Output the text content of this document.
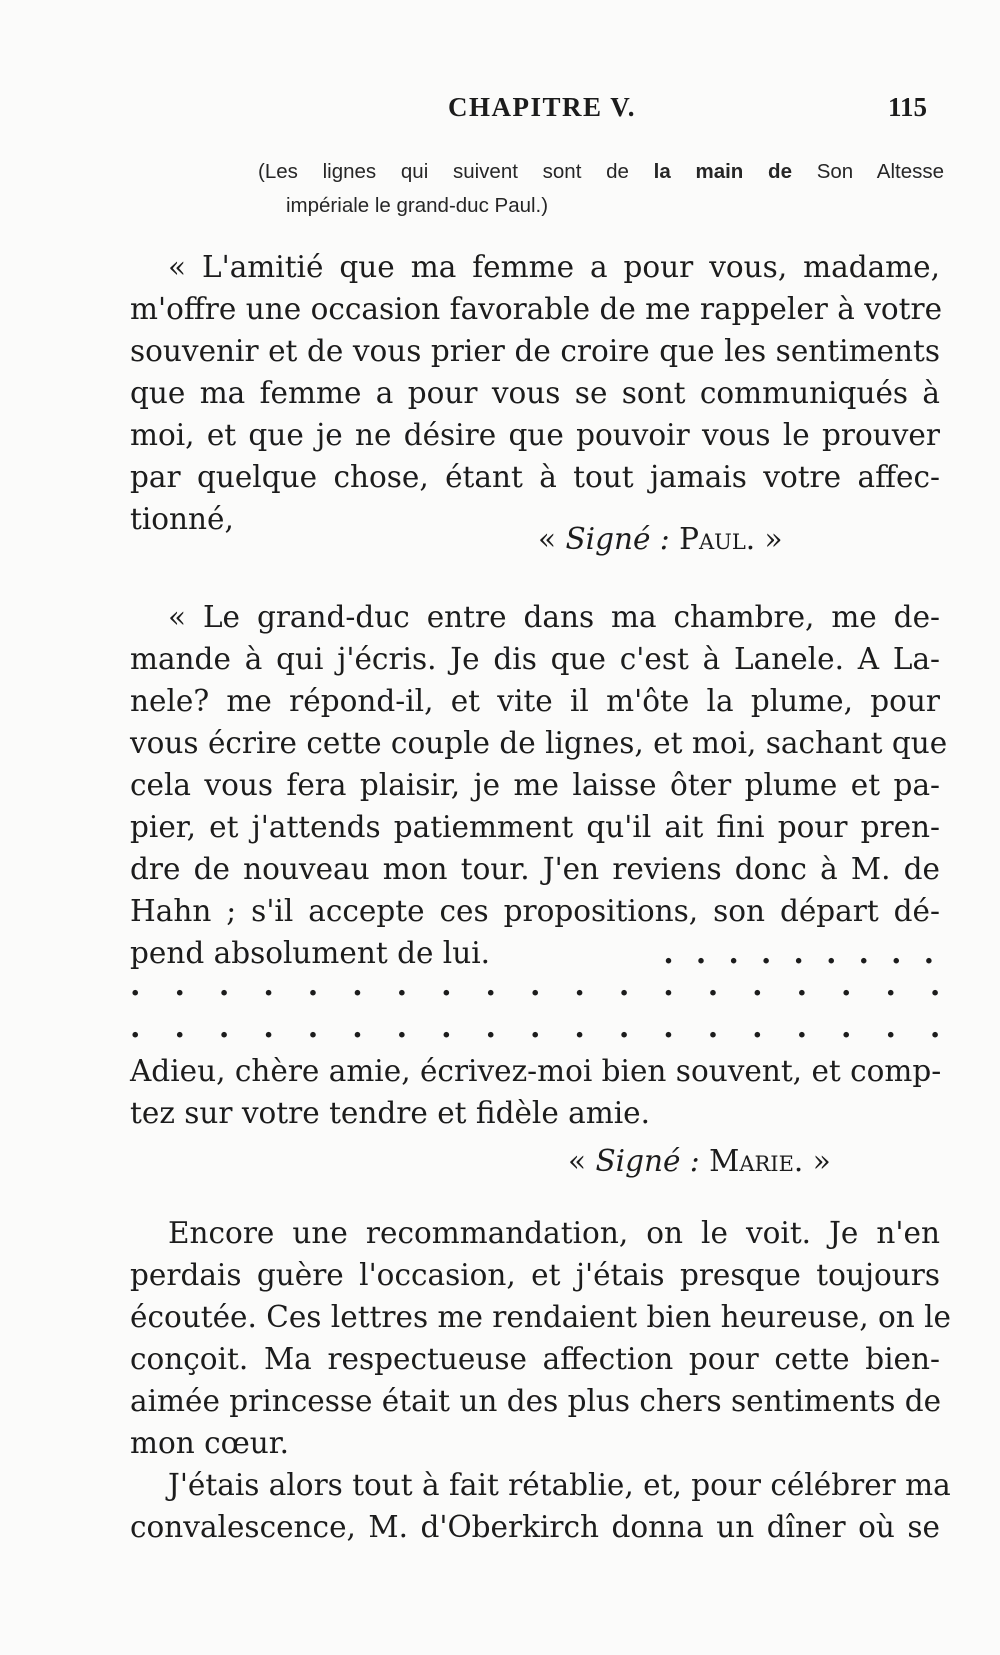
CHAPITRE V.	115
(Les lignes qui suivent sont de la main de Son Altesse
impériale le grand-duc Paul.)
« L'amitié que ma femme a pour vous, madame,
m'offre une occasion favorable de me rappeler à votre
souvenir et de vous prier de croire que les sentiments
que ma femme a pour vous se sont communiqués à
moi, et que je ne désire que pouvoir vous le prouver
par quelque chose, étant à tout jamais votre affec-
tionné,
« Signé : Paul. »
« Le grand-duc entre dans ma chambre, me de-
mande à qui j'écris. Je dis que c'est à Lanele. A La-
nele? me répond-il, et vite il m'ôte la plume, pour
vous écrire cette couple de lignes, et moi, sachant que
cela vous fera plaisir, je me laisse ôter plume et pa-
pier, et j'attends patiemment qu'il ait fini pour pren-
dre de nouveau mon tour. J'en reviens donc à M. de
Hahn ; s'il accepte ces propositions, son départ dé-
pend absolument de lui.	. . . . . . . . .
. . . . . . . . . . . . . . . . . . .
. . . . . . . . . . . . . . . . . . .
Adieu, chère amie, écrivez-moi bien souvent, et comp-
tez sur votre tendre et fidèle amie.
« Signé : Marie. »
Encore une recommandation, on le voit. Je n'en
perdais guère l'occasion, et j'étais presque toujours
écoutée. Ces lettres me rendaient bien heureuse, on le
conçoit. Ma respectueuse affection pour cette bien-
aimée princesse était un des plus chers sentiments de
mon cœur.
J'étais alors tout à fait rétablie, et, pour célébrer ma
convalescence, M. d'Oberkirch donna un dîner où se
